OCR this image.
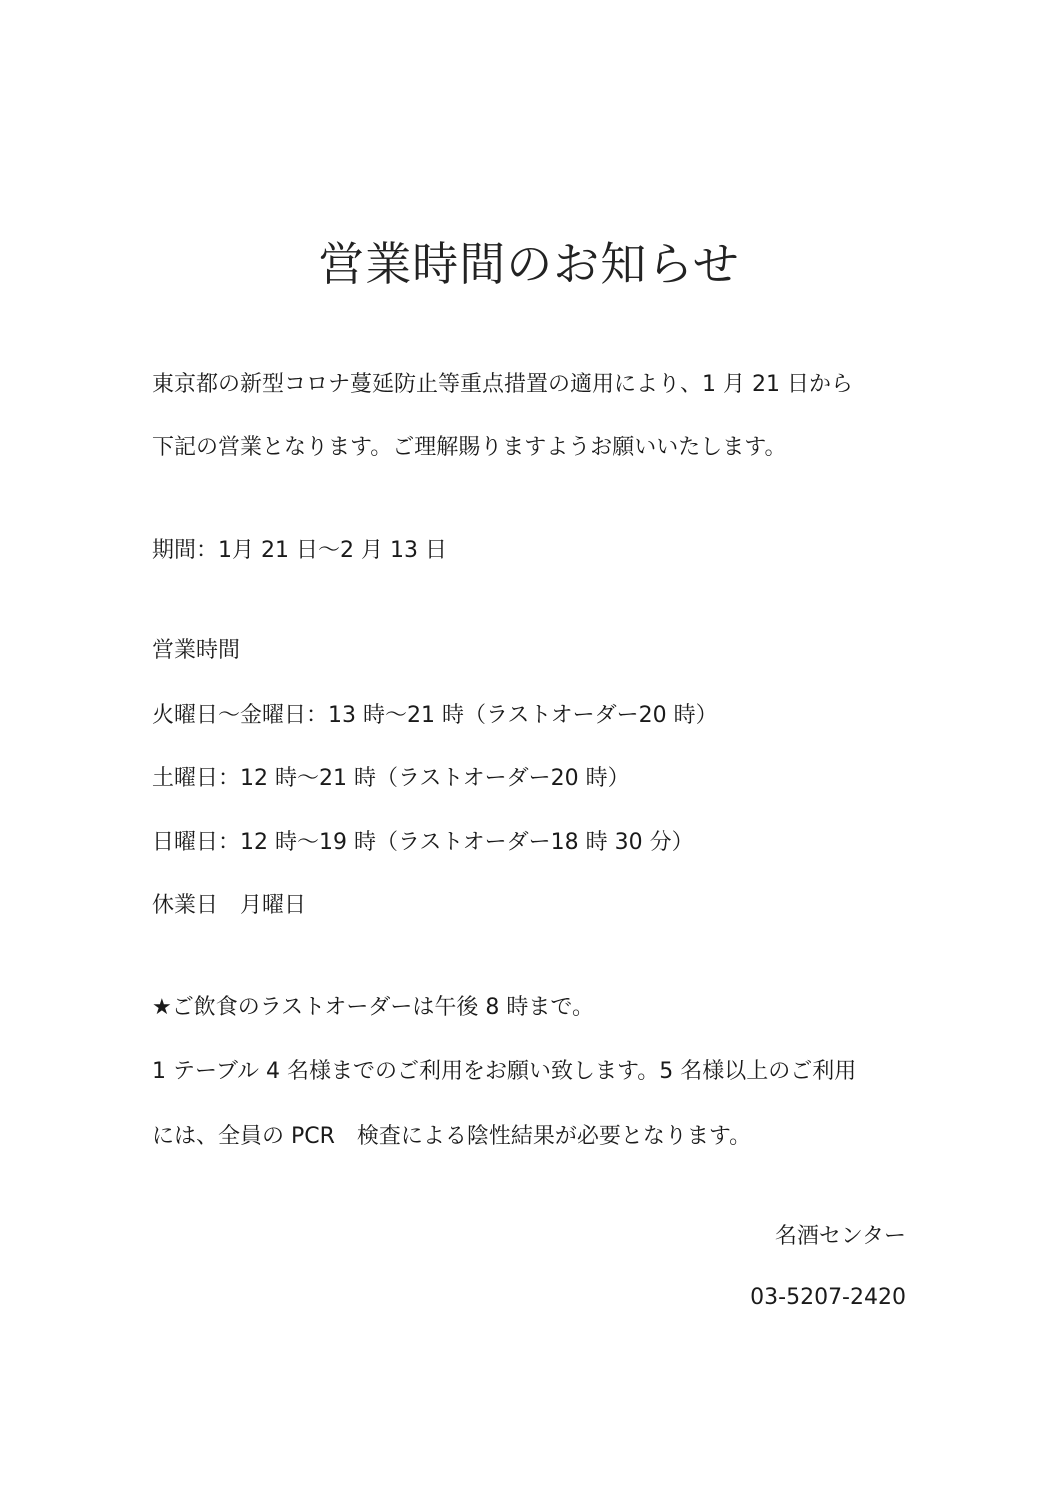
営業時間のお知らせ
東京都の新型コロナ蔓延防止等重点措置の適用により、1 月 21 日から
下記の営業となります。ご理解賜りますようお願いいたします。
期間：1月 21 日〜2 月 13 日
営業時間
火曜日〜金曜日：13 時〜21 時（ラストオーダー20 時）
土曜日：12 時〜21 時（ラストオーダー20 時）
日曜日：12 時〜19 時（ラストオーダー18 時 30 分）
休業日　月曜日
★ご飲食のラストオーダーは午後 8 時まで。
1 テーブル 4 名様までのご利用をお願い致します。5 名様以上のご利用
には、全員の PCR　検査による陰性結果が必要となります。
名酒センター
03-5207-2420
